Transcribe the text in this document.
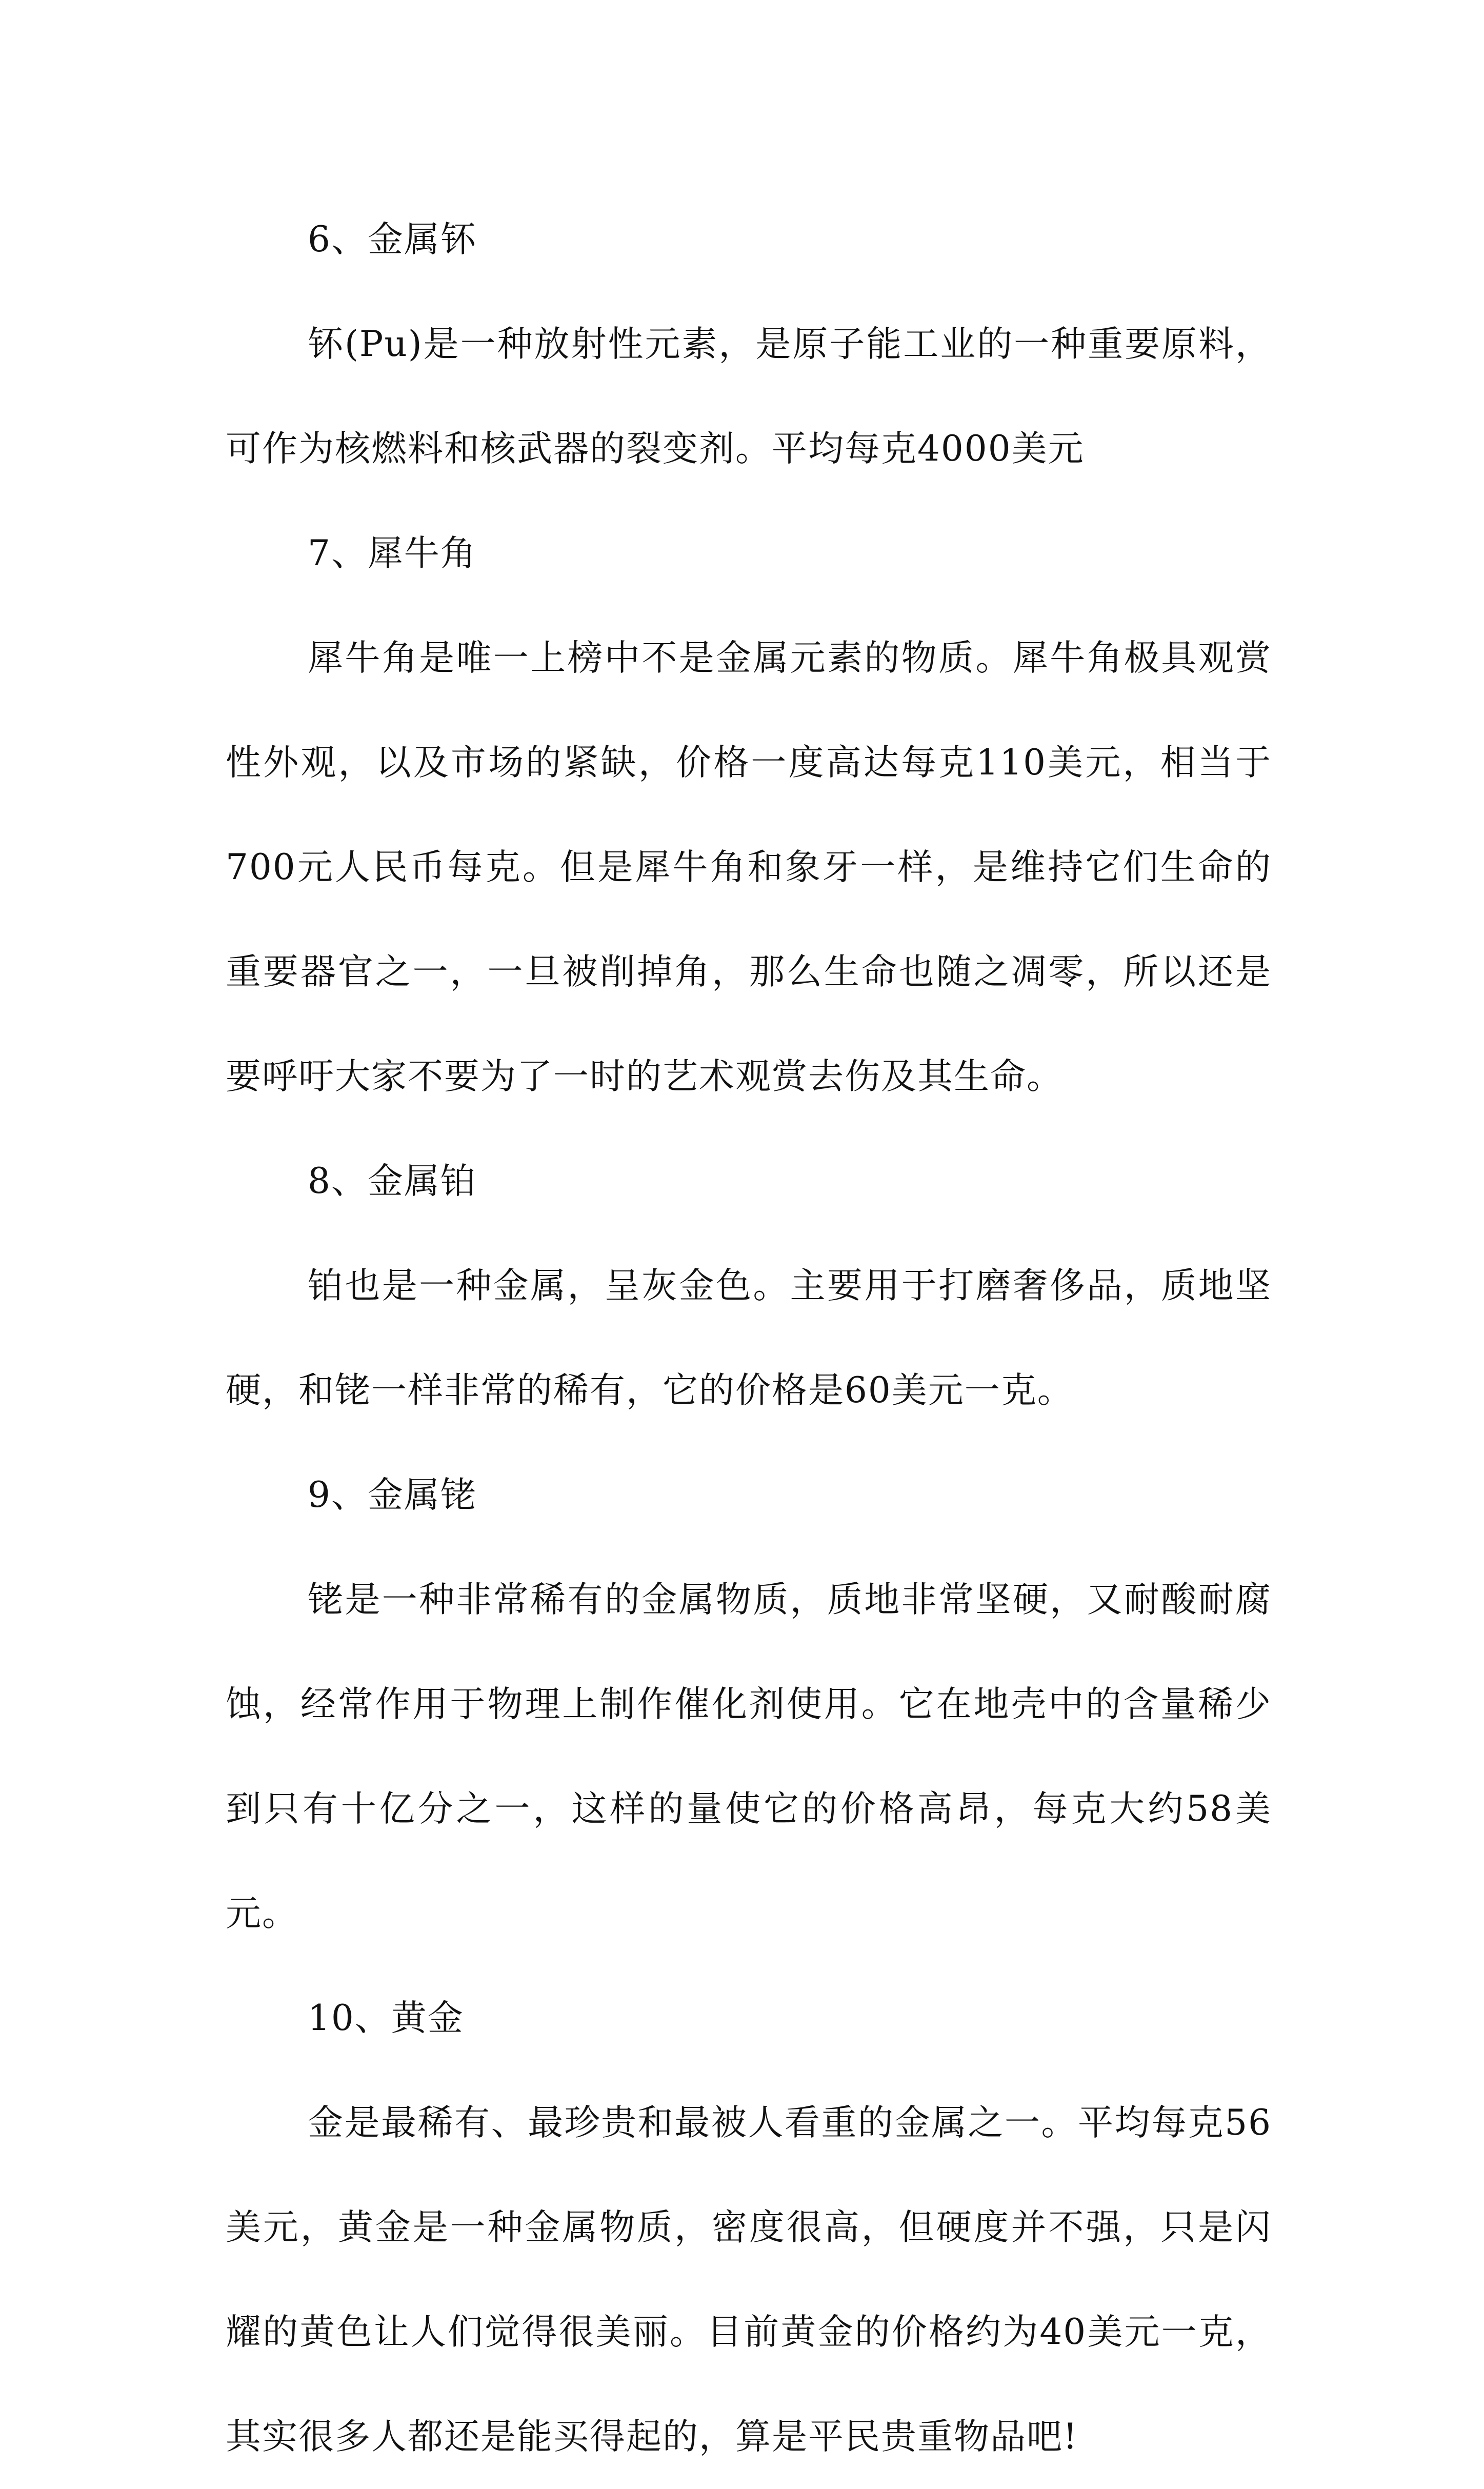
6、金属钚

钚(Pu)是一种放射性元素，是原子能工业的一种重要原料，可作为核燃料和核武器的裂变剂。平均每克4000美元

7、犀牛角

犀牛角是唯一上榜中不是金属元素的物质。犀牛角极具观赏性外观，以及市场的紧缺，价格一度高达每克110美元，相当于700元人民币每克。但是犀牛角和象牙一样，是维持它们生命的重要器官之一，一旦被削掉角，那么生命也随之凋零，所以还是要呼吁大家不要为了一时的艺术观赏去伤及其生命。

8、金属铂

铂也是一种金属，呈灰金色。主要用于打磨奢侈品，质地坚硬，和铑一样非常的稀有，它的价格是60美元一克。

9、金属铑

铑是一种非常稀有的金属物质，质地非常坚硬，又耐酸耐腐蚀，经常作用于物理上制作催化剂使用。它在地壳中的含量稀少到只有十亿分之一，这样的量使它的价格高昂，每克大约58美元。

10、黄金

金是最稀有、最珍贵和最被人看重的金属之一。平均每克56美元，黄金是一种金属物质，密度很高，但硬度并不强，只是闪耀的黄色让人们觉得很美丽。目前黄金的价格约为40美元一克，其实很多人都还是能买得起的，算是平民贵重物品吧!
